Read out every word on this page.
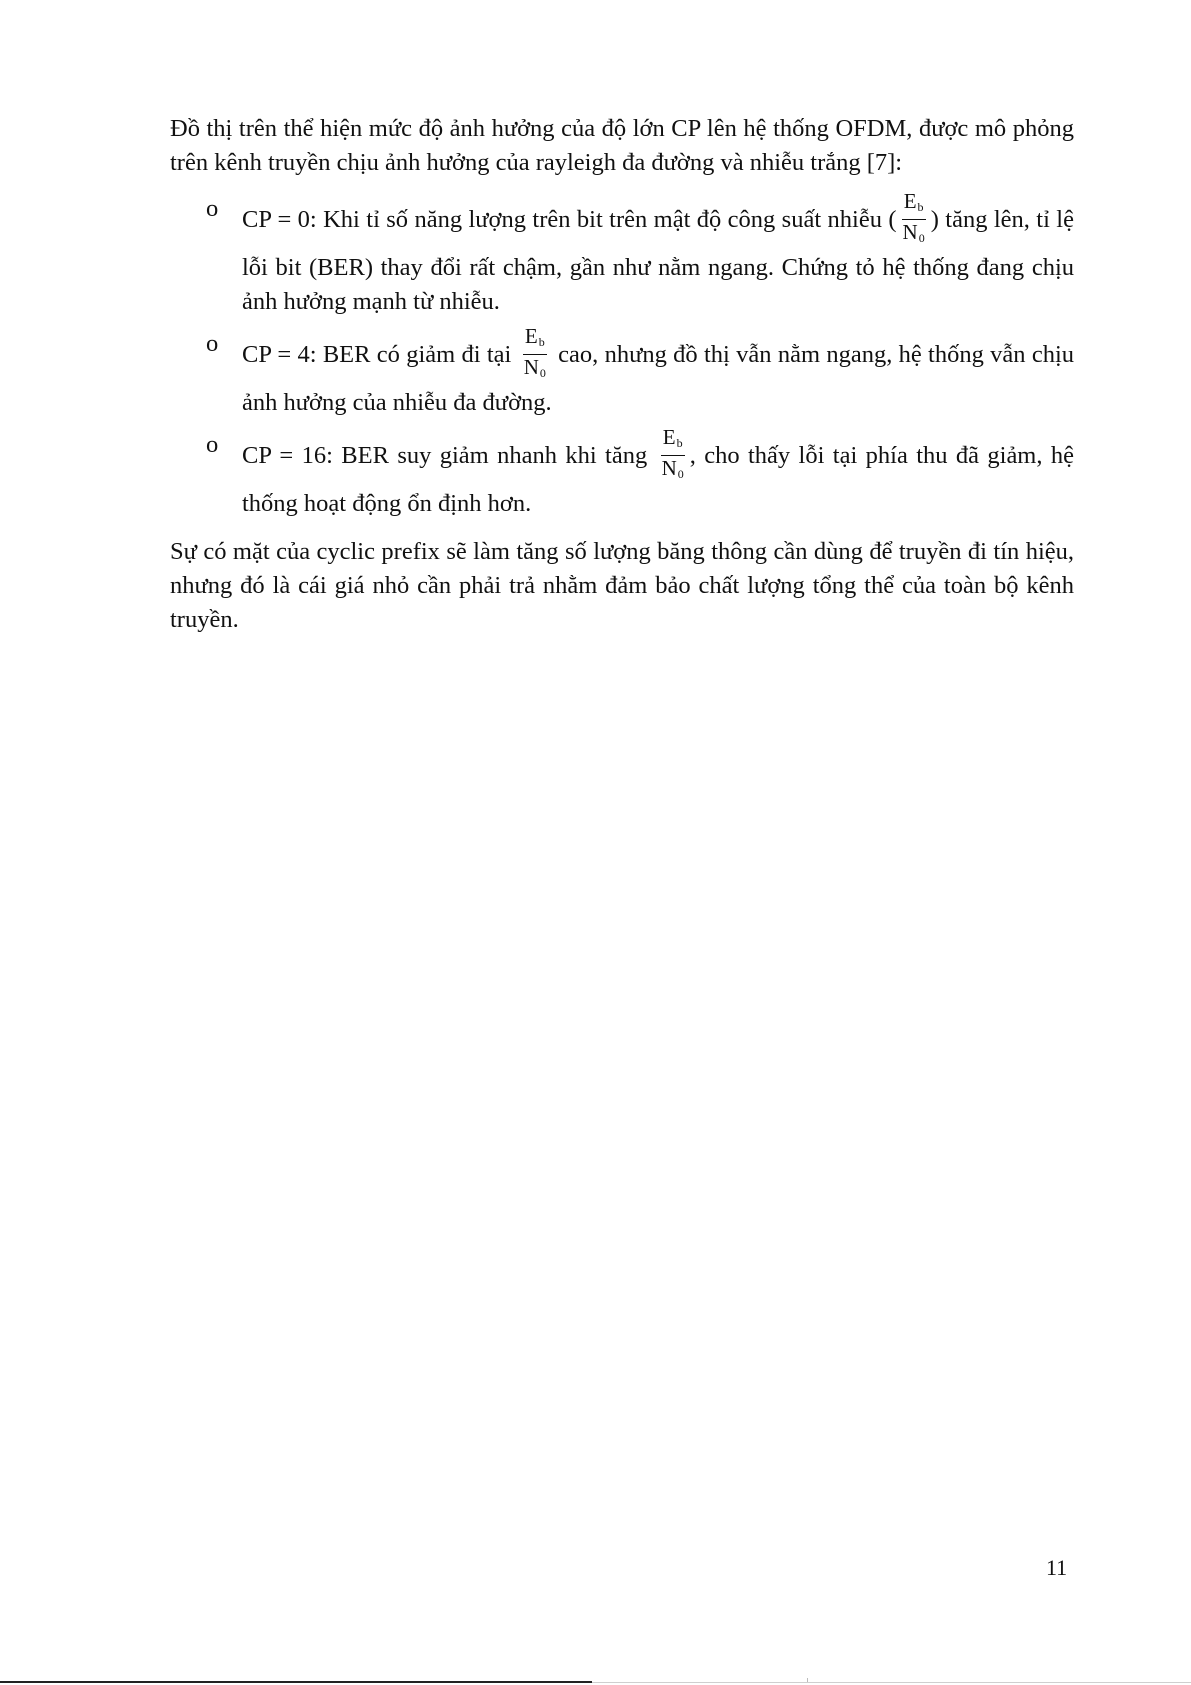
Đồ thị trên thể hiện mức độ ảnh hưởng của độ lớn CP lên hệ thống OFDM, được mô phỏng trên kênh truyền chịu ảnh hưởng của rayleigh đa đường và nhiễu trắng [7]:

o CP = 0: Khi tỉ số năng lượng trên bit trên mật độ công suất nhiễu ( $\frac{E_b}{N_0}$ ) tăng lên, tỉ lệ lỗi bit (BER) thay đổi rất chậm, gần như nằm ngang. Chứng tỏ hệ thống đang chịu ảnh hưởng mạnh từ nhiễu.
o CP = 4: BER có giảm đi tại $\frac{E_b}{N_0}$ cao, nhưng đồ thị vẫn nằm ngang, hệ thống vẫn chịu ảnh hưởng của nhiễu đa đường.
o CP = 16: BER suy giảm nhanh khi tăng $\frac{E_b}{N_0}$ , cho thấy lỗi tại phía thu đã giảm, hệ thống hoạt động ổn định hơn.

Sự có mặt của cyclic prefix sẽ làm tăng số lượng băng thông cần dùng để truyền đi tín hiệu, nhưng đó là cái giá nhỏ cần phải trả nhằm đảm bảo chất lượng tổng thể của toàn bộ kênh truyền.

11
